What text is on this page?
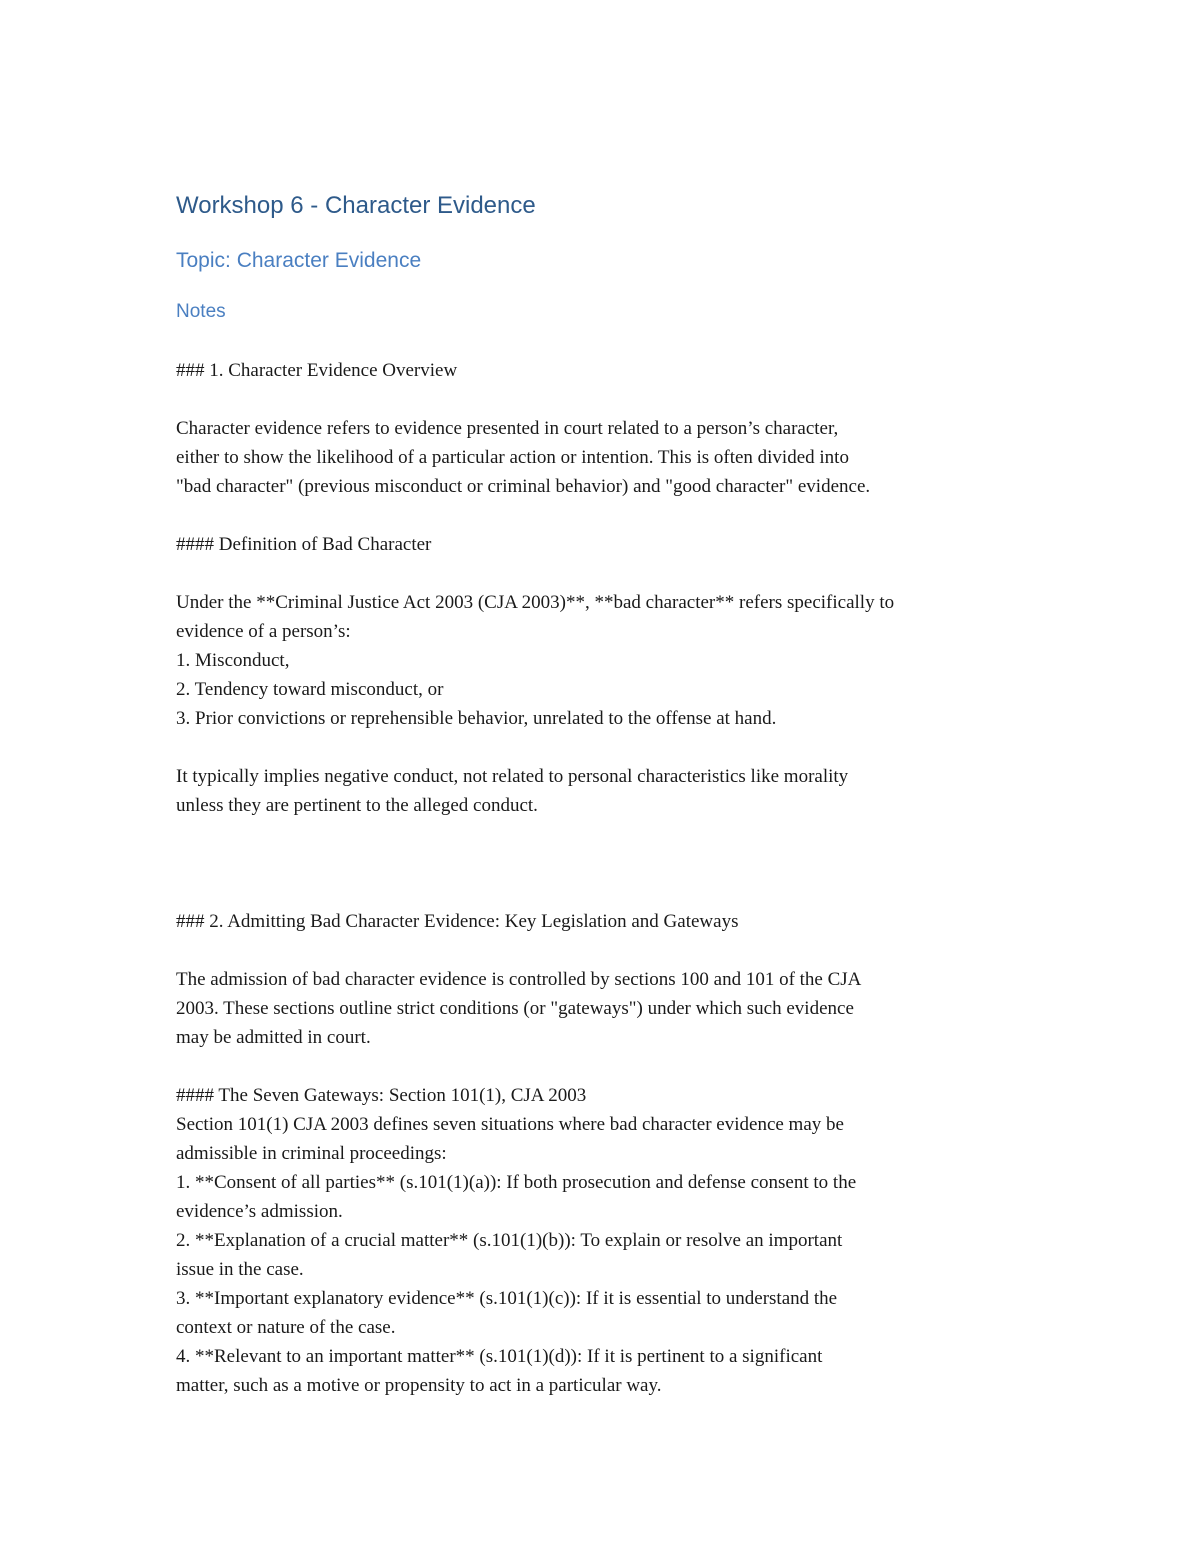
Workshop 6 - Character Evidence
Topic: Character Evidence
Notes
### 1. Character Evidence Overview
Character evidence refers to evidence presented in court related to a person’s character,
either to show the likelihood of a particular action or intention. This is often divided into
"bad character" (previous misconduct or criminal behavior) and "good character" evidence.
#### Definition of Bad Character
Under the **Criminal Justice Act 2003 (CJA 2003)**, **bad character** refers specifically to
evidence of a person’s:
1. Misconduct,
2. Tendency toward misconduct, or
3. Prior convictions or reprehensible behavior, unrelated to the offense at hand.
It typically implies negative conduct, not related to personal characteristics like morality
unless they are pertinent to the alleged conduct.
### 2. Admitting Bad Character Evidence: Key Legislation and Gateways
The admission of bad character evidence is controlled by sections 100 and 101 of the CJA
2003. These sections outline strict conditions (or "gateways") under which such evidence
may be admitted in court.
#### The Seven Gateways: Section 101(1), CJA 2003
Section 101(1) CJA 2003 defines seven situations where bad character evidence may be
admissible in criminal proceedings:
1. **Consent of all parties** (s.101(1)(a)): If both prosecution and defense consent to the
evidence’s admission.
2. **Explanation of a crucial matter** (s.101(1)(b)): To explain or resolve an important
issue in the case.
3. **Important explanatory evidence** (s.101(1)(c)): If it is essential to understand the
context or nature of the case.
4. **Relevant to an important matter** (s.101(1)(d)): If it is pertinent to a significant
matter, such as a motive or propensity to act in a particular way.
